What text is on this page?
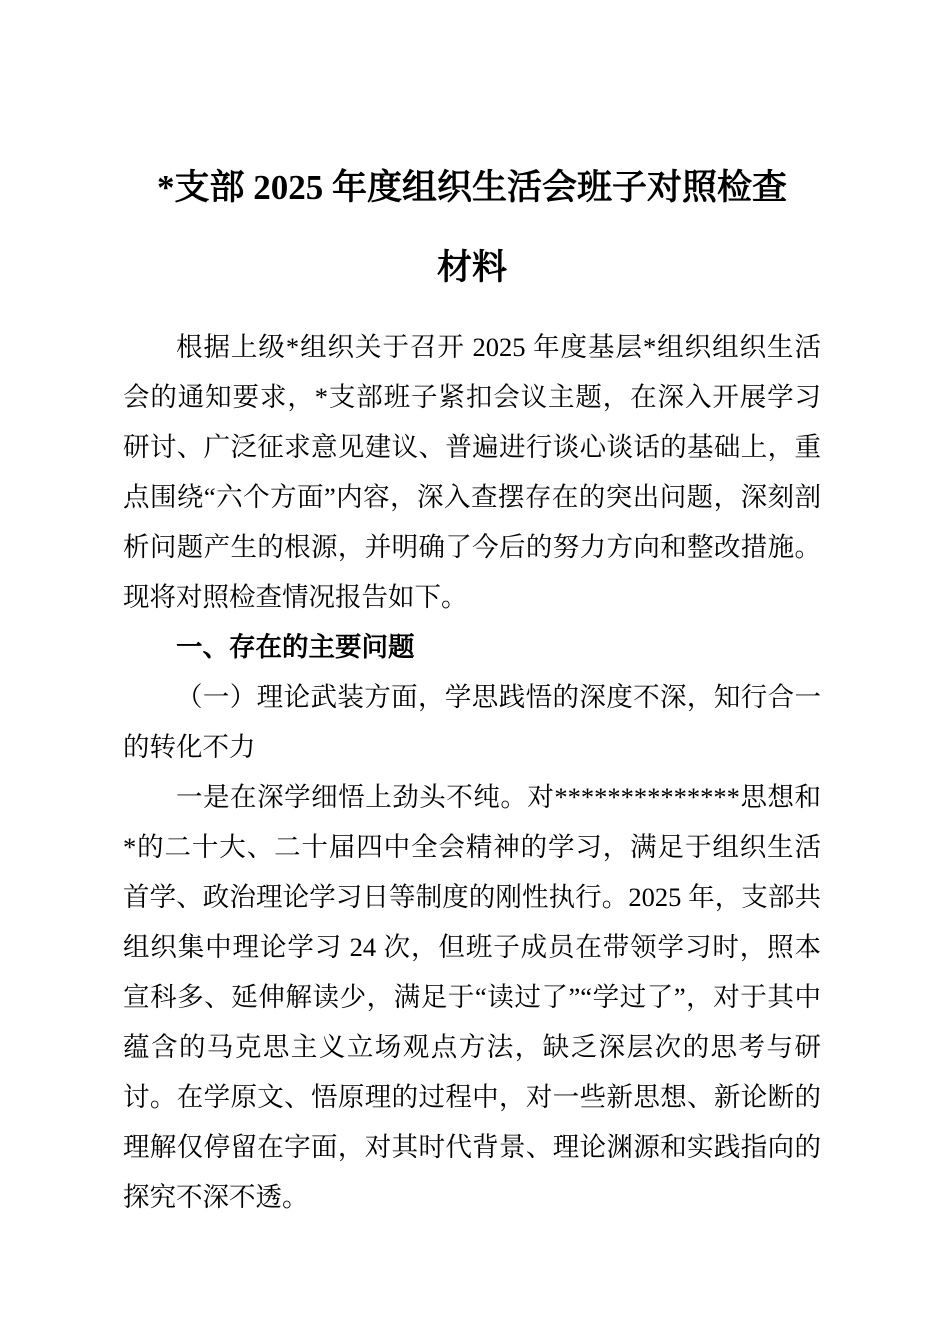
*支部 2025 年度组织生活会班子对照检查
材料

根据上级*组织关于召开 2025 年度基层*组织组织生活会的通知要求，*支部班子紧扣会议主题，在深入开展学习研讨、广泛征求意见建议、普遍进行谈心谈话的基础上，重点围绕“六个方面”内容，深入查摆存在的突出问题，深刻剖析问题产生的根源，并明确了今后的努力方向和整改措施。现将对照检查情况报告如下。

一、存在的主要问题

（一）理论武装方面，学思践悟的深度不深，知行合一的转化不力

一是在深学细悟上劲头不纯。对**************思想和*的二十大、二十届四中全会精神的学习，满足于组织生活首学、政治理论学习日等制度的刚性执行。2025 年，支部共组织集中理论学习 24 次，但班子成员在带领学习时，照本宣科多、延伸解读少，满足于“读过了”“学过了”，对于其中蕴含的马克思主义立场观点方法，缺乏深层次的思考与研讨。在学原文、悟原理的过程中，对一些新思想、新论断的理解仅停留在字面，对其时代背景、理论渊源和实践指向的探究不深不透。
